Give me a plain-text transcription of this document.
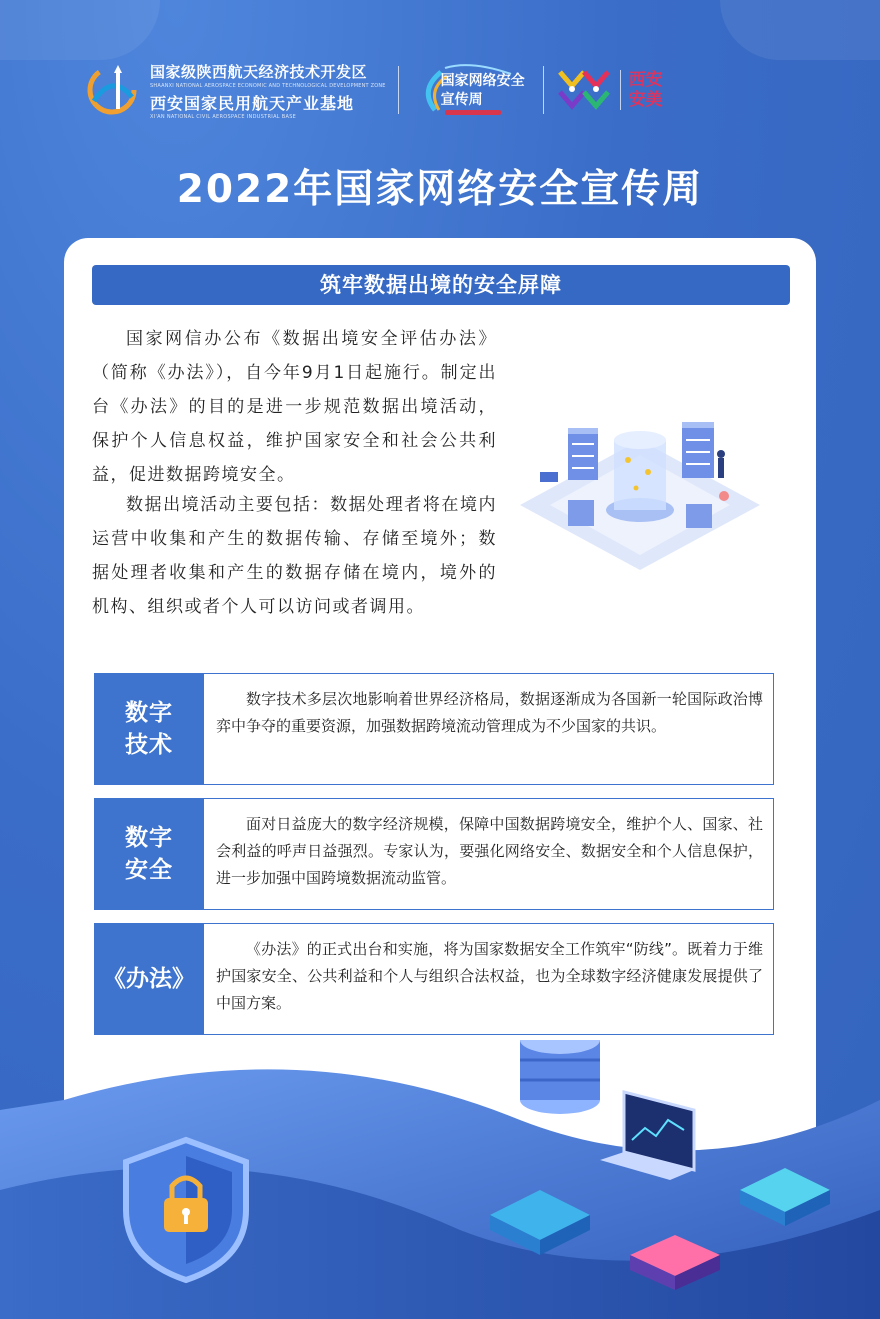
国家级陕西航天经济技术开发区
SHAANXI NATIONAL AEROSPACE ECONOMIC AND TECHNOLOGICAL DEVELOPMENT ZONE
西安国家民用航天产业基地
XI'AN NATIONAL CIVIL AEROSPACE INDUSTRIAL BASE
国家网络安全
宣传周
西安
安美
2022年国家网络安全宣传周
筑牢数据出境的安全屏障

国家网信办公布《数据出境安全评估办法》（简称《办法》），自今年9月1日起施行。制定出台《办法》的目的是进一步规范数据出境活动，保护个人信息权益，维护国家安全和社会公共利益，促进数据跨境安全。

数据出境活动主要包括：数据处理者将在境内运营中收集和产生的数据传输、存储至境外；数据处理者收集和产生的数据存储在境内，境外的机构、组织或者个人可以访问或者调用。

数字技术
数字技术多层次地影响着世界经济格局，数据逐渐成为各国新一轮国际政治博弈中争夺的重要资源，加强数据跨境流动管理成为不少国家的共识。
数字安全
面对日益庞大的数字经济规模，保障中国数据跨境安全，维护个人、国家、社会利益的呼声日益强烈。专家认为，要强化网络安全、数据安全和个人信息保护，进一步加强中国跨境数据流动监管。
《办法》
《办法》的正式出台和实施，将为国家数据安全工作筑牢“防线”。既着力于维护国家安全、公共利益和个人与组织合法权益，也为全球数字经济健康发展提供了中国方案。
